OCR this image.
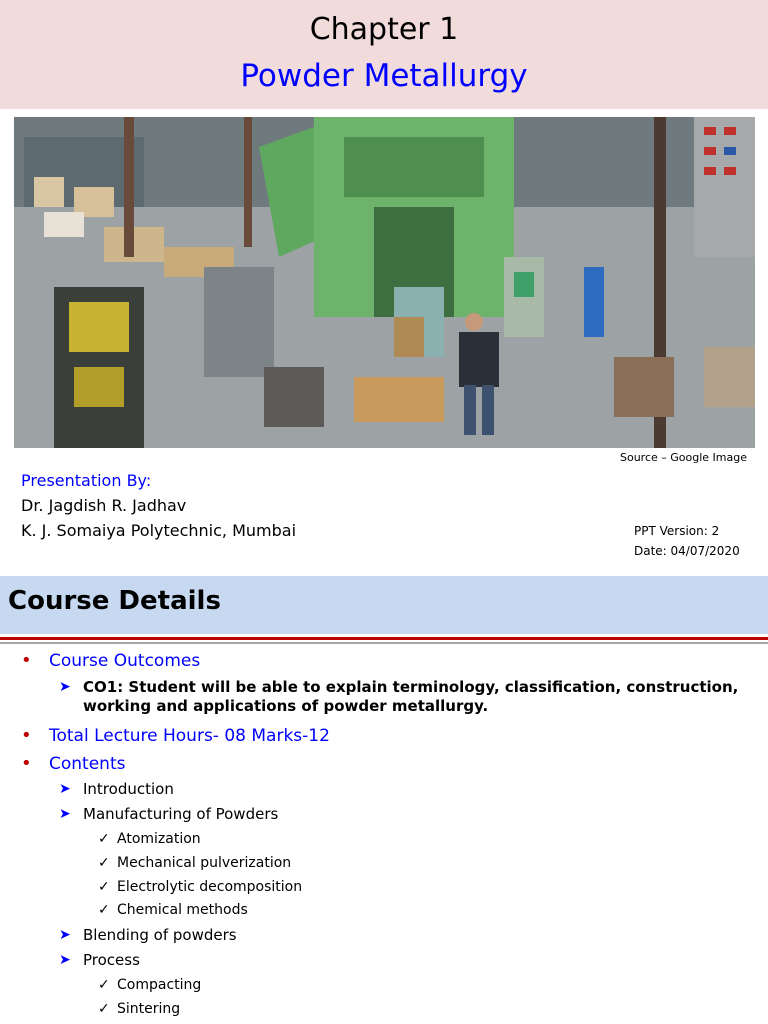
Chapter 1
Powder Metallurgy
Source – Google Image
Presentation By:
Dr. Jagdish R. Jadhav
K. J. Somaiya Polytechnic, Mumbai	PPT Version: 2
Date: 04/07/2020
Course Details
•	Course Outcomes
➤ CO1: Student will be able to explain terminology, classification, construction, working and applications of powder metallurgy.
•	Total Lecture Hours- 08 Marks-12
•	Contents
➤ Introduction
➤ Manufacturing of Powders
✓ Atomization
✓ Mechanical pulverization
✓ Electrolytic decomposition
✓ Chemical methods
➤ Blending of powders
➤ Process
✓ Compacting
✓ Sintering
